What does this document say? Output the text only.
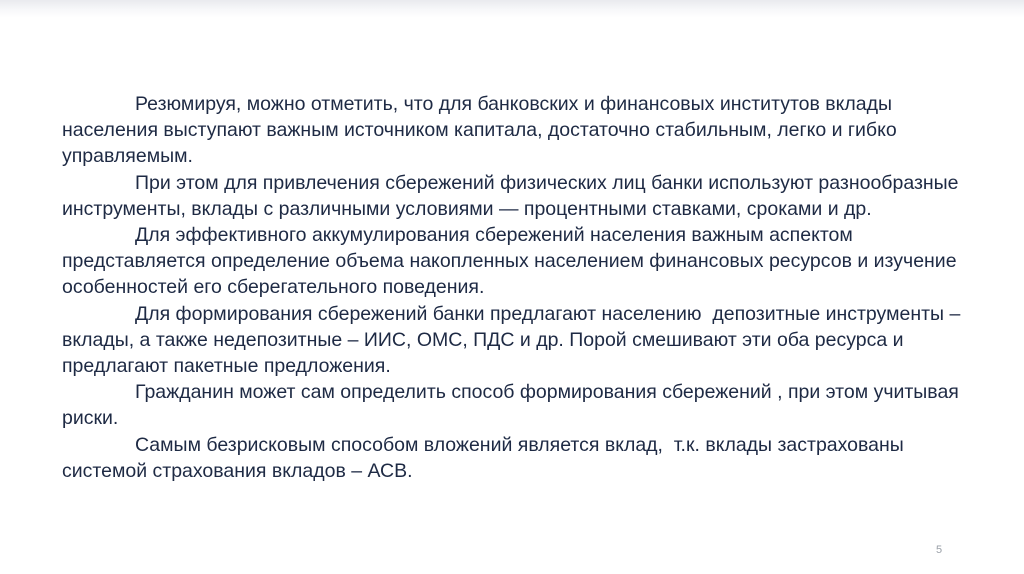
Резюмируя, можно отметить, что для банковских и финансовых институтов вклады населения выступают важным источником капитала, достаточно стабильным, легко и гибко управляемым.

При этом для привлечения сбережений физических лиц банки используют разнообразные инструменты, вклады с различными условиями — процентными ставками, сроками и др.

Для эффективного аккумулирования сбережений населения важным аспектом представляется определение объема накопленных населением финансовых ресурсов и изучение особенностей его сберегательного поведения.

Для формирования сбережений банки предлагают населению  депозитные инструменты – вклады, а также недепозитные – ИИС, ОМС, ПДС и др. Порой смешивают эти оба ресурса и предлагают пакетные предложения.

Гражданин может сам определить способ формирования сбережений , при этом учитывая риски.

Самым безрисковым способом вложений является вклад,  т.к. вклады застрахованы системой страхования вкладов – АСВ.

5
